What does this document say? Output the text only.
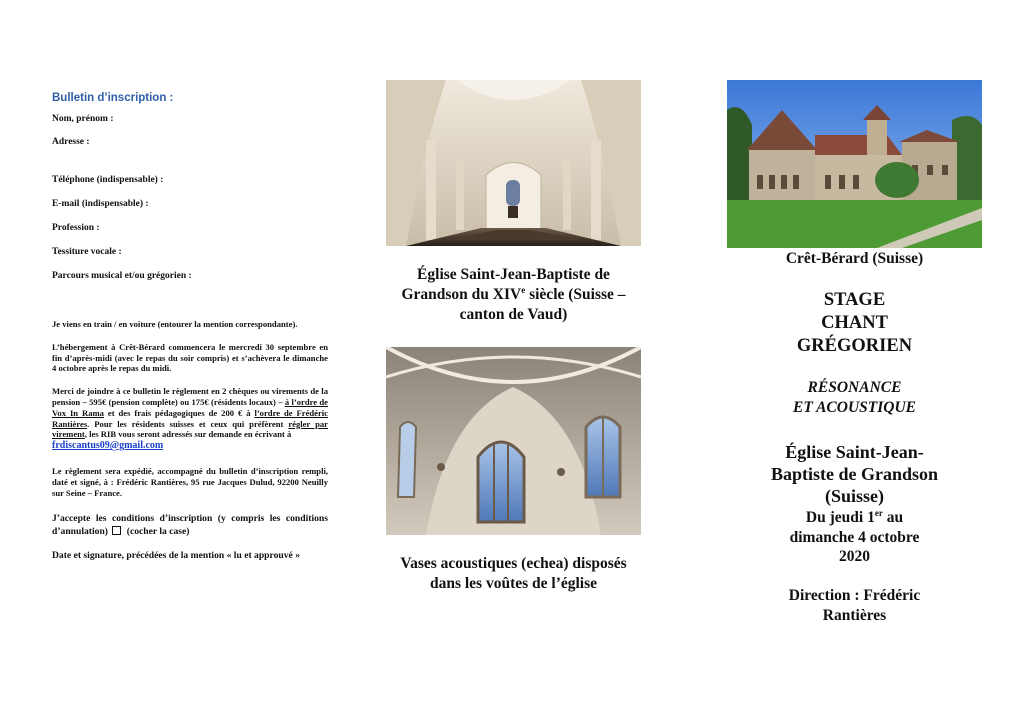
Bulletin d’inscription :

Nom, prénom :

Adresse :

Téléphone (indispensable) :

E-mail (indispensable) :

Profession :

Tessiture vocale :

Parcours musical et/ou grégorien :

Je viens en train / en voiture (entourer la mention correspondante).

L’hébergement à Crêt-Bérard commencera le mercredi 30 septembre en fin d’après-midi (avec le repas du soir compris) et s’achèvera le dimanche 4 octobre après le repas du midi.

Merci de joindre à ce bulletin le règlement en 2 chèques ou virements de la pension – 595€ (pension complète) ou 175€ (résidents locaux) – à l’ordre de Vox In Rama et des frais pédagogiques de 200 € à l’ordre de Frédéric Rantières. Pour les résidents suisses et ceux qui préfèrent régler par virement, les RIB vous seront adressés sur demande en écrivant à
frdiscantus09@gmail.com

Le règlement sera expédié, accompagné du bulletin d’inscription rempli, daté et signé, à : Frédéric Rantières, 95 rue Jacques Dulud, 92200 Neuilly sur Seine – France.

J’accepte les conditions d’inscription (y compris les conditions d’annulation) (cocher la case)

Date et signature, précédées de la mention « lu et approuvé »

Église Saint-Jean-Baptiste de Grandson du XIVe siècle (Suisse – canton de Vaud)
Vases acoustiques (echea) disposés dans les voûtes de l’église
Crêt-Bérard (Suisse)
STAGE
CHANT
GRÉGORIEN
RÉSONANCE
ET ACOUSTIQUE
Église Saint-Jean-Baptiste de Grandson (Suisse)
Du jeudi 1er au dimanche 4 octobre 2020
Direction : Frédéric Rantières
